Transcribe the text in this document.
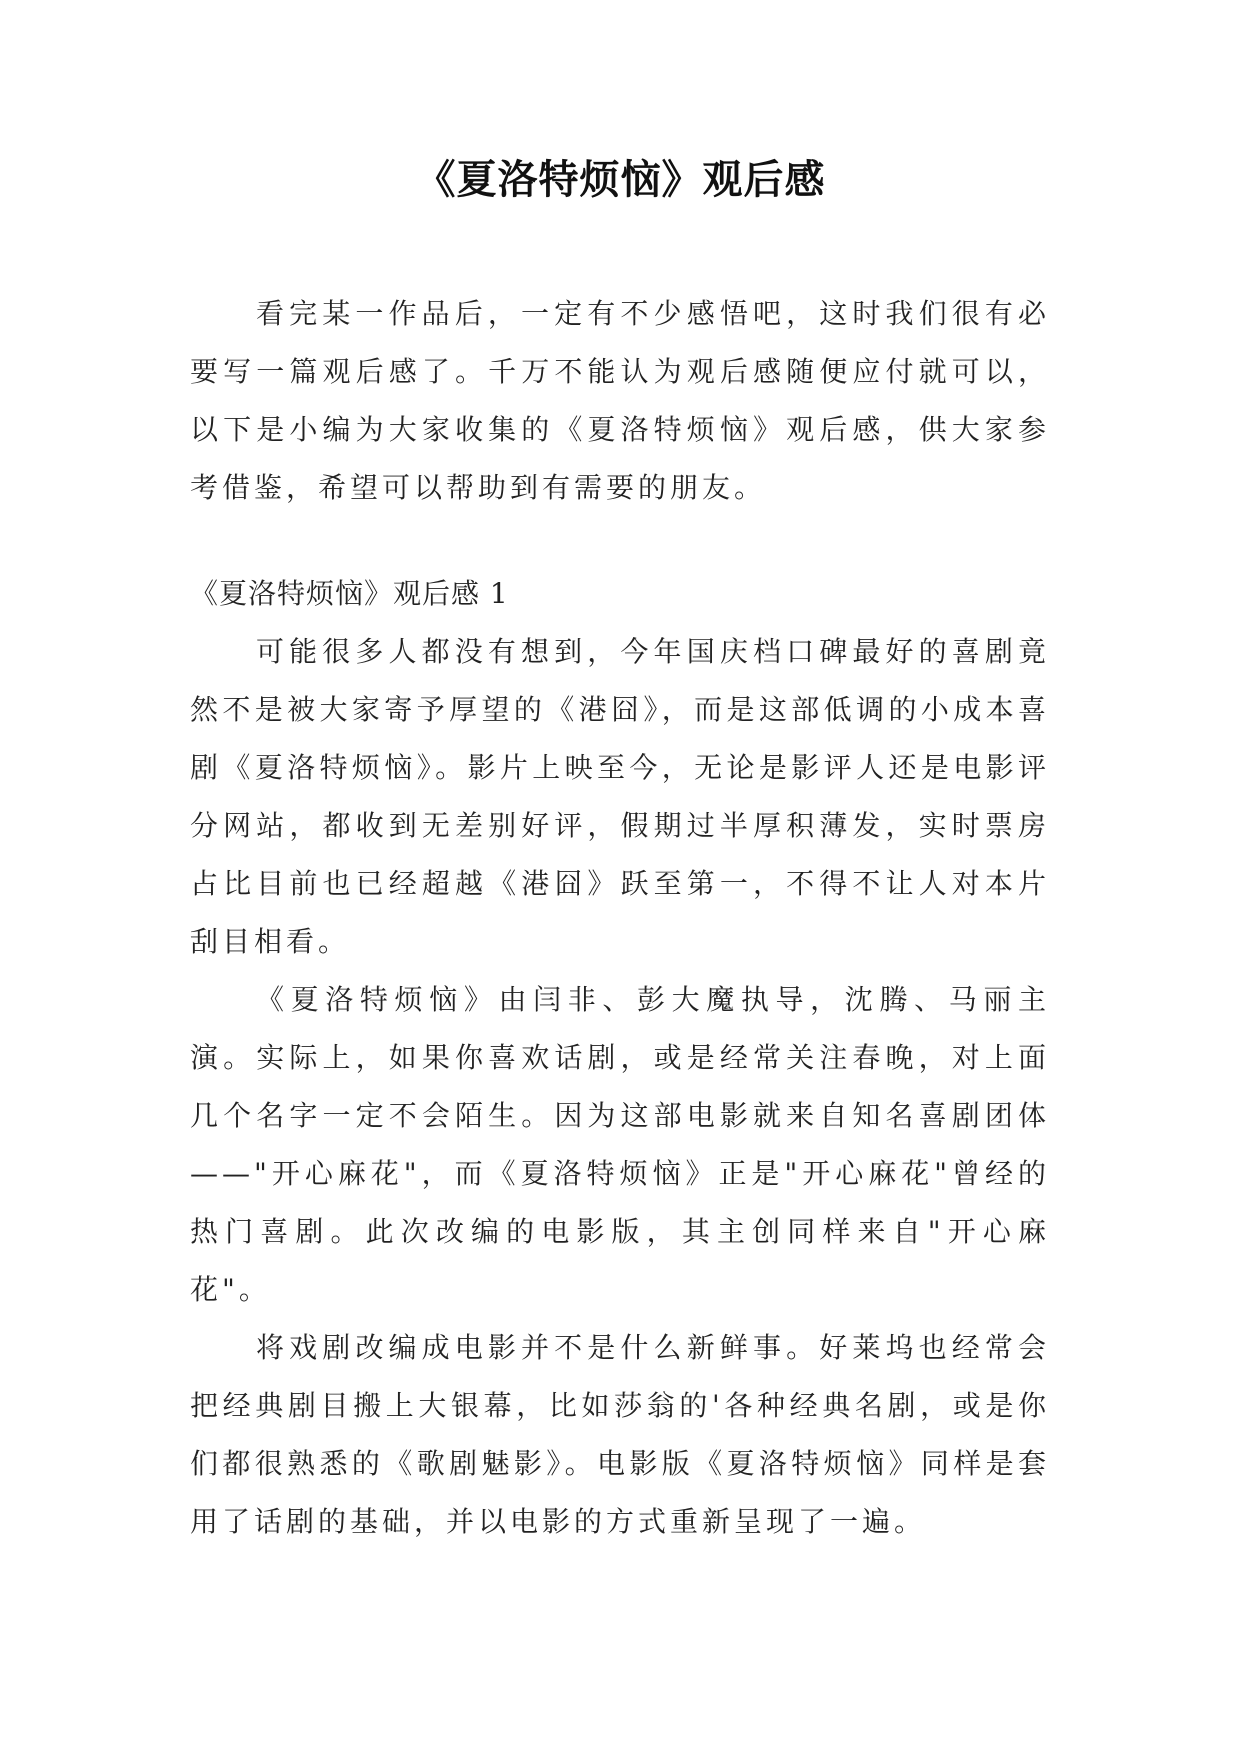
《夏洛特烦恼》观后感

看完某一作品后，一定有不少感悟吧，这时我们很有必要写一篇观后感了。千万不能认为观后感随便应付就可以，以下是小编为大家收集的《夏洛特烦恼》观后感，供大家参考借鉴，希望可以帮助到有需要的朋友。

《夏洛特烦恼》观后感 1

可能很多人都没有想到，今年国庆档口碑最好的喜剧竟然不是被大家寄予厚望的《港囧》，而是这部低调的小成本喜剧《夏洛特烦恼》。影片上映至今，无论是影评人还是电影评分网站，都收到无差别好评，假期过半厚积薄发，实时票房占比目前也已经超越《港囧》跃至第一，不得不让人对本片刮目相看。

《夏洛特烦恼》由闫非、彭大魔执导，沈腾、马丽主演。实际上，如果你喜欢话剧，或是经常关注春晚，对上面几个名字一定不会陌生。因为这部电影就来自知名喜剧团体——"开心麻花"，而《夏洛特烦恼》正是"开心麻花"曾经的热门喜剧。此次改编的电影版，其主创同样来自"开心麻花"。

将戏剧改编成电影并不是什么新鲜事。好莱坞也经常会把经典剧目搬上大银幕，比如莎翁的'各种经典名剧，或是你们都很熟悉的《歌剧魅影》。电影版《夏洛特烦恼》同样是套用了话剧的基础，并以电影的方式重新呈现了一遍。
